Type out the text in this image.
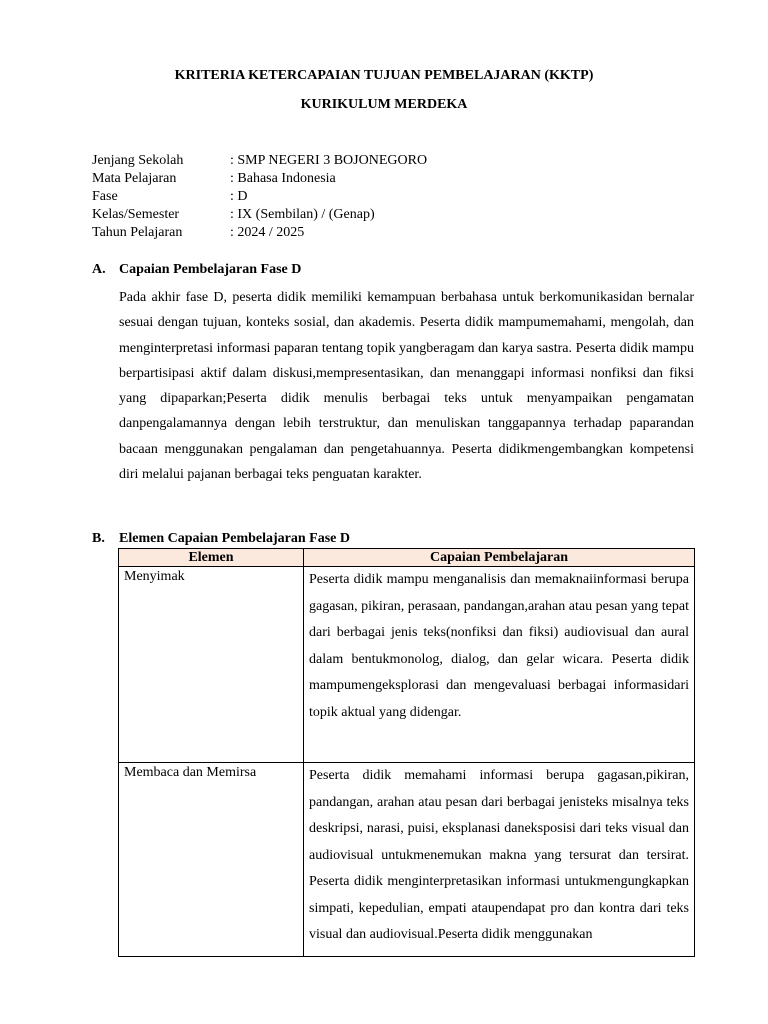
KRITERIA KETERCAPAIAN TUJUAN PEMBELAJARAN (KKTP)
KURIKULUM MERDEKA
Jenjang Sekolah	: SMP NEGERI 3 BOJONEGORO
Mata Pelajaran	: Bahasa Indonesia
Fase	: D
Kelas/Semester	: IX (Sembilan) / (Genap)
Tahun Pelajaran	: 2024 / 2025
A. Capaian Pembelajaran Fase D
Pada akhir fase D, peserta didik memiliki kemampuan berbahasa untuk berkomunikasidan bernalar sesuai dengan tujuan, konteks sosial, dan akademis. Peserta didik mampumemahami, mengolah, dan menginterpretasi informasi paparan tentang topik yangberagam dan karya sastra. Peserta didik mampu berpartisipasi aktif dalam diskusi,mempresentasikan, dan menanggapi informasi nonfiksi dan fiksi yang dipaparkan;Peserta didik menulis berbagai teks untuk menyampaikan pengamatan danpengalamannya dengan lebih terstruktur, dan menuliskan tanggapannya terhadap paparandan bacaan menggunakan pengalaman dan pengetahuannya. Peserta didikmengembangkan kompetensi diri melalui pajanan berbagai teks penguatan karakter.
B. Elemen Capaian Pembelajaran Fase D
Elemen	Capaian Pembelajaran
Menyimak	Peserta didik mampu menganalisis dan memaknaiinformasi berupa gagasan, pikiran, perasaan, pandangan,arahan atau pesan yang tepat dari berbagai jenis teks(nonfiksi dan fiksi) audiovisual dan aural dalam bentukmonolog, dialog, dan gelar wicara. Peserta didik mampumengeksplorasi dan mengevaluasi berbagai informasidari topik aktual yang didengar.
Membaca dan Memirsa	Peserta didik memahami informasi berupa gagasan,pikiran, pandangan, arahan atau pesan dari berbagai jenisteks misalnya teks deskripsi, narasi, puisi, eksplanasi daneksposisi dari teks visual dan audiovisual untukmenemukan makna yang tersurat dan tersirat. Peserta didik menginterpretasikan informasi untukmengungkapkan simpati, kepedulian, empati ataupendapat pro dan kontra dari teks visual dan audiovisual.Peserta didik menggunakan
